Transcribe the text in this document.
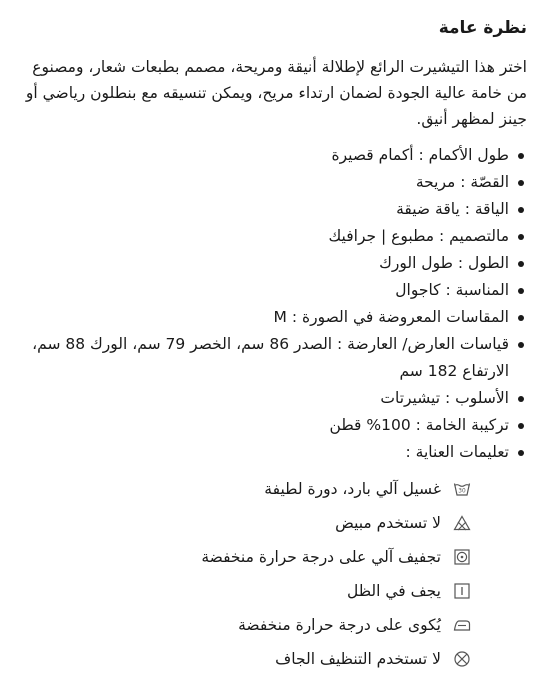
نظرة عامة

اختر هذا التيشيرت الرائع لإطلالة أنيقة ومريحة، مصمم بطبعات شعار، ومصنوع من خامة عالية الجودة لضمان ارتداء مريح، ويمكن تنسيقه مع بنطلون رياضي أو جينز لمظهر أنيق.

طول الأكمام : أكمام قصيرة
القصّة : مريحة
الياقة : ياقة ضيقة
مالتصميم : مطبوع | جرافيك
الطول : طول الورك
المناسبة : كاجوال
المقاسات المعروضة في الصورة : M
قياسات العارض/ العارضة : الصدر 86 سم، الخصر 79 سم، الورك 88 سم، الارتفاع 182 سم
الأسلوب : تيشيرتات
تركيبة الخامة : 100% قطن
تعليمات العناية :
30
غسيل آلي بارد، دورة لطيفة
لا تستخدم مبيض
تجفيف آلي على درجة حرارة منخفضة
يجف في الظل
يُكوى على درجة حرارة منخفضة
لا تستخدم التنظيف الجاف
